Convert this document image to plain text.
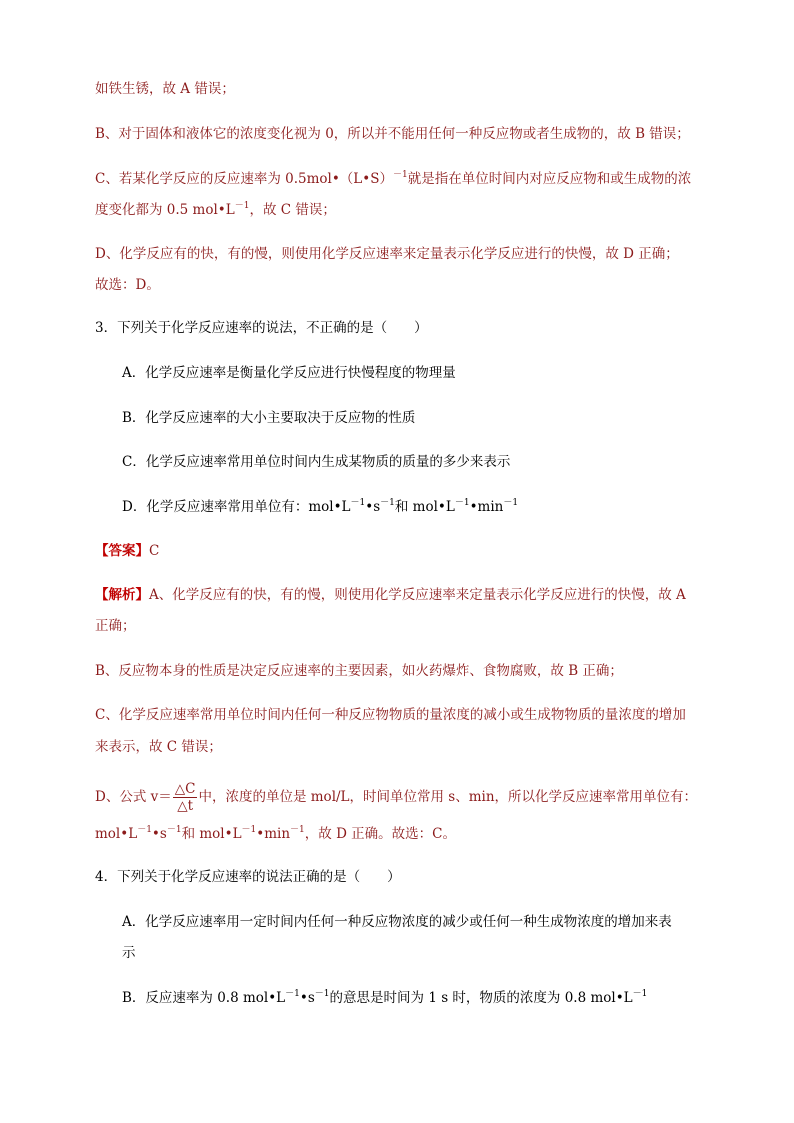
如铁生锈，故 A 错误；
B、对于固体和液体它的浓度变化视为 0，所以并不能用任何一种反应物或者生成物的，故 B 错误；
C、若某化学反应的反应速率为 0.5mol•（L•S）$^{-1}$就是指在单位时间内对应反应物和或生成物的浓
度变化都为 0.5 $mol•L^{-1}$，故 C 错误；
D、化学反应有的快，有的慢，则使用化学反应速率来定量表示化学反应进行的快慢，故 D 正确；
故选：D。
3．下列关于化学反应速率的说法，不正确的是（　　）
A．化学反应速率是衡量化学反应进行快慢程度的物理量
B．化学反应速率的大小主要取决于反应物的性质
C．化学反应速率常用单位时间内生成某物质的质量的多少来表示
D．化学反应速率常用单位有：$mol•L^{-1}•s^{-1}$和 $mol•L^{-1}•\min^{-1}$
【答案】C
【解析】A、化学反应有的快，有的慢，则使用化学反应速率来定量表示化学反应进行的快慢，故 A
正确；
B、反应物本身的性质是决定反应速率的主要因素，如火药爆炸、食物腐败，故 B 正确；
C、化学反应速率常用单位时间内任何一种反应物物质的量浓度的减小或生成物物质的量浓度的增加
来表示，故 C 错误；
D、公式 $v= \frac{\triangle C}{\triangle t}$ 中，浓度的单位是 mol/L，时间单位常用 s、min，所以化学反应速率常用单位有：
$mol•L^{-1}•s^{-1}$和 $mol•L^{-1}•\min^{-1}$，故 D 正确。故选：C。
4．下列关于化学反应速率的说法正确的是（　　）
A．化学反应速率用一定时间内任何一种反应物浓度的减少或任何一种生成物浓度的增加来表
示
B．反应速率为 0.8 $mol•L^{-1}•s^{-1}$的意思是时间为 1 s 时，物质的浓度为 0.8 $mol•L^{-1}$
